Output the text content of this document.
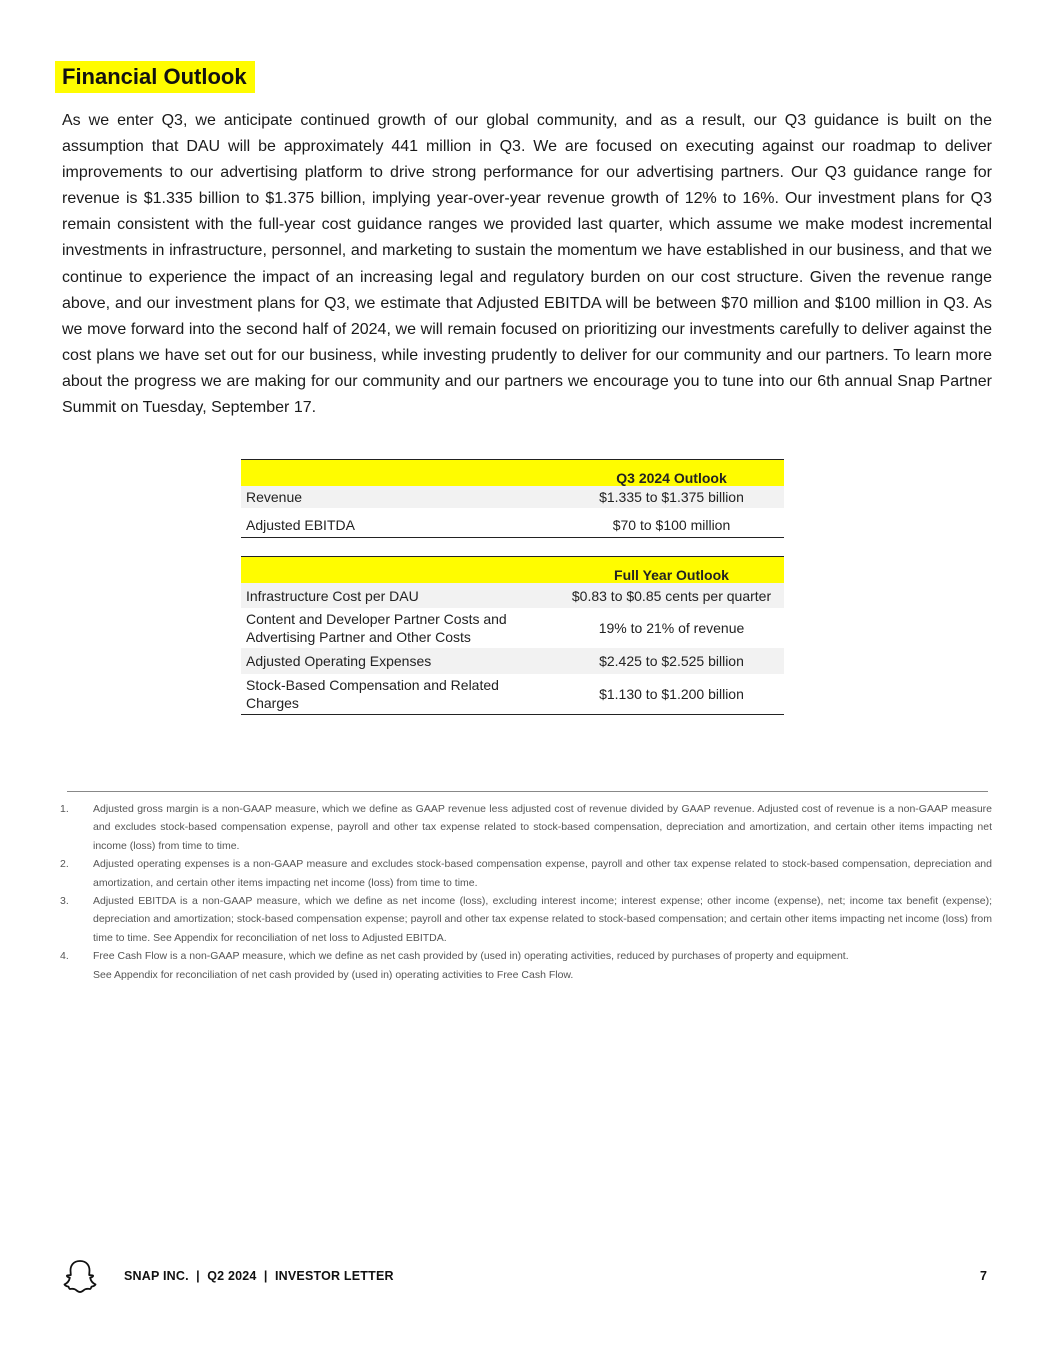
Financial Outlook

As we enter Q3, we anticipate continued growth of our global community, and as a result, our Q3 guidance is built on the assumption that DAU will be approximately 441 million in Q3. We are focused on executing against our roadmap to deliver improvements to our advertising platform to drive strong performance for our advertising partners. Our Q3 guidance range for revenue is $1.335 billion to $1.375 billion, implying year-over-year revenue growth of 12% to 16%. Our investment plans for Q3 remain consistent with the full-year cost guidance ranges we provided last quarter, which assume we make modest incremental investments in infrastructure, personnel, and marketing to sustain the momentum we have established in our business, and that we continue to experience the impact of an increasing legal and regulatory burden on our cost structure. Given the revenue range above, and our investment plans for Q3, we estimate that Adjusted EBITDA will be between $70 million and $100 million in Q3. As we move forward into the second half of 2024, we will remain focused on prioritizing our investments carefully to deliver against the cost plans we have set out for our business, while investing prudently to deliver for our community and our partners. To learn more about the progress we are making for our community and our partners we encourage you to tune into our 6th annual Snap Partner Summit on Tuesday, September 17.

	Q3 2024 Outlook
Revenue	$1.335 to $1.375 billion
Adjusted EBITDA	$70 to $100 million
	Full Year Outlook
Infrastructure Cost per DAU	$0.83 to $0.85 cents per quarter
Content and Developer Partner Costs and Advertising Partner and Other Costs	19% to 21% of revenue
Adjusted Operating Expenses	$2.425 to $2.525 billion
Stock-Based Compensation and Related Charges	$1.130 to $1.200 billion
1. Adjusted gross margin is a non-GAAP measure, which we define as GAAP revenue less adjusted cost of revenue divided by GAAP revenue. Adjusted cost of revenue is a non-GAAP measure and excludes stock-based compensation expense, payroll and other tax expense related to stock-based compensation, depreciation and amortization, and certain other items impacting net income (loss) from time to time.
2. Adjusted operating expenses is a non-GAAP measure and excludes stock-based compensation expense, payroll and other tax expense related to stock-based compensation, depreciation and amortization, and certain other items impacting net income (loss) from time to time.
3. Adjusted EBITDA is a non-GAAP measure, which we define as net income (loss), excluding interest income; interest expense; other income (expense), net; income tax benefit (expense); depreciation and amortization; stock-based compensation expense; payroll and other tax expense related to stock-based compensation; and certain other items impacting net income (loss) from time to time. See Appendix for reconciliation of net loss to Adjusted EBITDA.
4. Free Cash Flow is a non-GAAP measure, which we define as net cash provided by (used in) operating activities, reduced by purchases of property and equipment.
See Appendix for reconciliation of net cash provided by (used in) operating activities to Free Cash Flow.
SNAP INC. | Q2 2024 | INVESTOR LETTER	7
